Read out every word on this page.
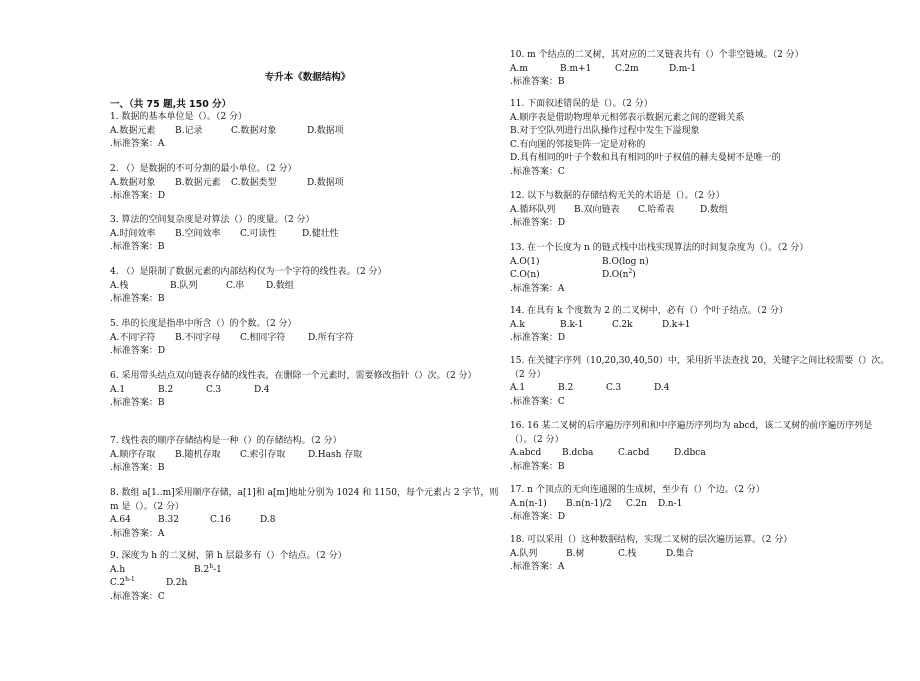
专升本《数据结构》
一、（共 75 题,共 150 分）
1. 数据的基本单位是（）。（2 分）
A.数据元素 B.记录	C.数据对象	D.数据项
.标准答案：A
2. （）是数据的不可分割的最小单位。（2 分）
A.数据对象 B.数据元素 C.数据类型	D.数据项
.标准答案：D
3. 算法的空间复杂度是对算法（）的度量。（2 分）
A.时间效率 B.空间效率 C.可读性	D.健壮性
.标准答案：B
4. （）是限制了数据元素的内部结构仅为一个字符的线性表。（2 分）
A.栈	B.队列	C.串 D.数组
.标准答案：B
5. 串的长度是指串中所含（）的个数。（2 分）
A.不同字符 B.不同字母 C.相同字符	D.所有字符
.标准答案：D
6. 采用带头结点双向链表存储的线性表，在删除一个元素时，需要修改指针（）次。（2 分）
A.1	B.2	C.3	D.4
.标准答案：B
7. 线性表的顺序存储结构是一种（）的存储结构。（2 分）
A.顺序存取 B.随机存取 C.索引存取	D.Hash 存取
.标准答案：B
8. 数组 a[1..m]采用顺序存储，a[1]和 a[m]地址分别为 1024 和 1150，每个元素占 2 字节，则 m 是（）。（2 分）
A.64	B.32	C.16	D.8
.标准答案：A
9. 深度为 h 的二叉树，第 h 层最多有（）个结点。（2 分）
A.h	B.2$^h$-1
C.2$^{h-1}$	D.2h
.标准答案：C
10. m 个结点的二叉树，其对应的二叉链表共有（）个非空链域。（2 分）
A.m	B.m+1	C.2m	D.m-1
.标准答案：B
11. 下面叙述错误的是（）。（2 分）
A.顺序表是借助物理单元相邻表示数据元素之间的逻辑关系
B.对于空队列进行出队操作过程中发生下溢现象
C.有向图的邻接矩阵一定是对称的
D.具有相同的叶子个数和具有相同的叶子权值的赫夫曼树不是唯一的
.标准答案：C
12. 以下与数据的存储结构无关的术语是（）。（2 分）
A.循环队列 B.双向链表 C.哈希表	D.数组
.标准答案：D
13. 在一个长度为 n 的链式栈中出栈实现算法的时间复杂度为（）。（2 分）
A.O(1)	B.O(log n)
C.O(n)	$D.O(n^2)$
.标准答案：A
14. 在具有 k 个度数为 2 的二叉树中，必有（）个叶子结点。（2 分）
A.k	B.k-1	C.2k	D.k+1
.标准答案：D
15. 在关键字序列（10,20,30,40,50）中，采用折半法查找 20，关键字之间比较需要（）次。（2 分）
A.1	B.2	C.3	D.4
.标准答案：C
16. 16 某二叉树的后序遍历序列和和中序遍历序列均为 abcd，该二叉树的前序遍历序列是（）。（2 分）
A.abcd B.dcba	C.acbd	D.dbca
.标准答案：B
17. n 个顶点的无向连通图的生成树，至少有（）个边。（2 分）
A.n(n-1) B.n(n-1)/2 C.2n D.n-1
.标准答案：D
18. 可以采用（）这种数据结构，实现二叉树的层次遍历运算。（2 分）
A.队列	B.树	C.栈	D.集合
.标准答案：A
